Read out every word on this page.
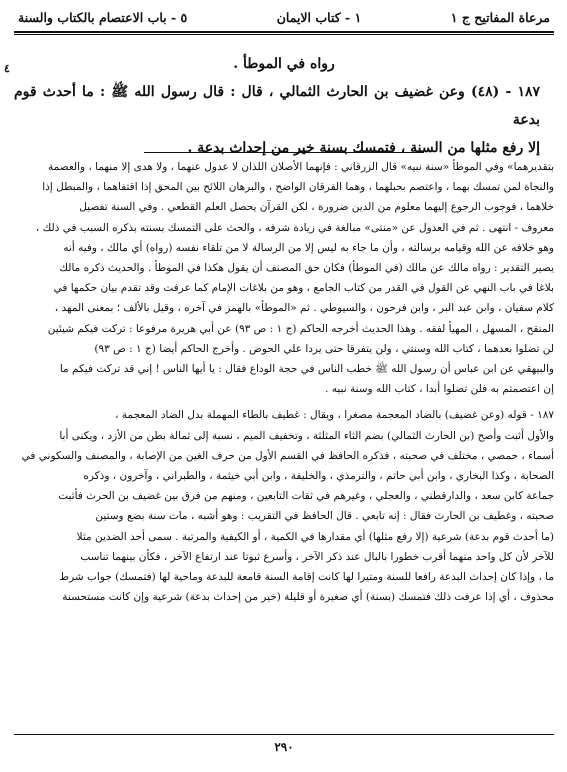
مرعاة المفاتيح ج ١
١ - كتاب الايمان
٥ - باب الاعتصام بالكتاب والسنة
٤	رواه في الموطأ .

١٨٧ - (٤٨) وعن غضيف بن الحارث الثمالي ، قال : قال رسول الله ﷺ : ما أحدث قوم بدعة

إلا رفع مثلها من السنة ، فتمسك بسنة خير من إحداث بدعة .

بتقديرهما» وفي الموطأ «سنة نبيه» قال الزرقاني : فإنهما الأصلان اللذان لا عدول عنهما ، ولا هدى إلا منهما ، والعصمة

والنجاة لمن تمسك بهما ، واعتصم بحبلهما ، وهما الفرقان الواضح ، والبرهان اللائح بين المحق إذا اقتفاهما ، والمبطل إذا

خلاهما ، فوجوب الرجوع إليهما معلوم من الدين ضرورة ، لكن القرآن يحصل العلم القطعي . وفي السنة تفصيل

معروف - انتهى . ثم في العدول عن «منتى» مبالغة في زيادة شرفه ، والحث على التمسك بسنته بذكره السبب في ذلك ،

وهو خلافه عن الله وقيامه برسالته ، وأن ما جاء به ليس إلا من الرسالة لا من تلقاء نفسه (رواه) أي مالك ، وفيه أنه

يصير التقدير : رواه مالك عن مالك (في الموطأ) فكان حق المصنف أن يقول هكذا في الموطأ . والحديث ذكره مالك

بلاغا في باب النهي عن القول في القدر من كتاب الجامع ، وهو من بلاغات الإمام كما عرفت وقد تقدم بيان حكمها في

كلام سفيان ، وابن عبد البر ، وابن فرحون ، والسيوطي . ثم «الموطأ» بالهمز في آخره ، وقيل بالألف ؛ بمعنى المهد ،

المنقح ، المسهل ، المهيأ لفقه . وهذا الحديث أخرجه الحاكم (ج ١ : ص ٩٣) عن أبي هريرة مرفوعا : تركت فيكم شيئين

لن تضلوا بعدهما ، كتاب الله وسنتي ، ولن يتفرقا حتى يردا علي الحوض . وأخرج الحاكم أيضا (ج ١ : ص ٩٣)

والبيهقي عن ابن عباس أن رسول الله ﷺ خطب الناس في حجة الوداع فقال : يا أيها الناس ! إني قد تركت فيكم ما

إن اعتصمتم به فلن تضلوا أبدا ، كتاب الله وسنة نبيه .

١٨٧ - قوله (وعن غضيف) بالضاد المعجمة مصغرا ، ويقال : غطيف بالطاء المهملة بدل الضاد المعجمة ،

والأول أثبت وأصح (بن الحارث الثمالي) بضم الثاء المثلثة ، وتخفيف الميم ، نسبة إلى ثمالة بطن من الأزد ، ويكنى أبا

أسماء ، حمصي ، مختلف في صحبته ، فذكره الحافظ في القسم الأول من حرف الغين من الإصابة ، والمصنف والسكوني في

الصحابة ، وكذا البخاري ، وابن أبي حاتم ، والترمذي ، والخليفة ، وابن أبي خيثمة ، والطبراني ، وآخرون ، وذكره

جماعة كابن سعد ، والدارقطني ، والعجلي ، وغيرهم في ثقات التابعين ، ومنهم من فرق بين غضيف بن الحرث فأثبت

صحبته ، وغطيف بن الحارث فقال : إنه تابعي . قال الحافظ في التقريب : وهو أشبه ، مات سنة بضع وستين

(ما أحدث قوم بدعة) شرعية (إلا رفع مثلها) أي مقدارها في الكمية ، أو الكيفية والمرتبة . سمى أحد الضدين مثلا

للآخر لأن كل واحد منهما أقرب خطورا بالبال عند ذكر الآخر ، وأسرع ثبوتا عند ارتفاع الآخر ، فكأن بينهما تناسب

ما ، وإذا كان إحداث البدعة رافعا للسنة ومتيرا لها كانت إقامة السنة قامعة للبدعة وماحية لها (فتمسك) جواب شرط

محذوف ، أي إذا عرفت ذلك فتمسك (بسنة) أي صغيرة أو قليلة (خير من إحداث بدعة) شرعية وإن كانت مستحسنة

٢٩٠
